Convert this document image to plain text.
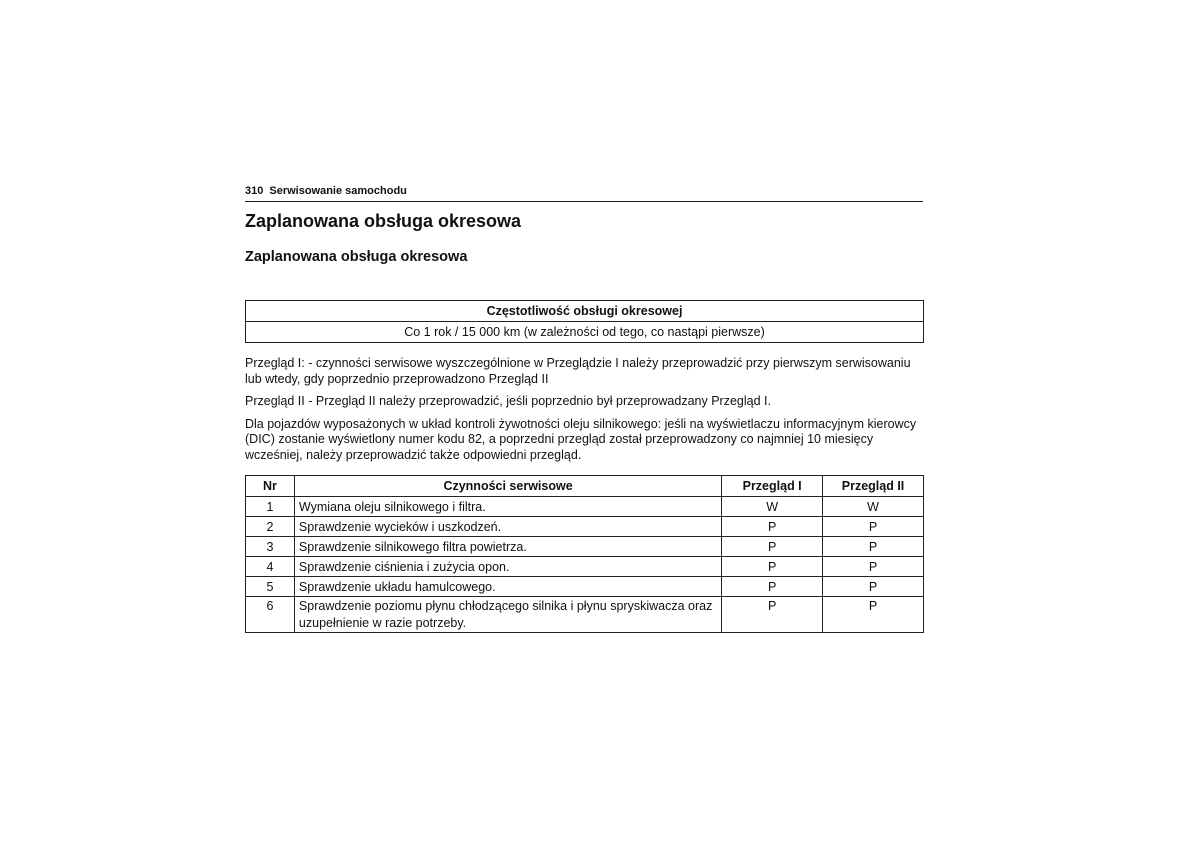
310 Serwisowanie samochodu
Zaplanowana obsługa okresowa
Zaplanowana obsługa okresowa
Częstotliwość obsługi okresowej
Co 1 rok / 15 000 km (w zależności od tego, co nastąpi pierwsze)

Przegląd I: - czynności serwisowe wyszczególnione w Przeglądzie I należy przeprowadzić przy pierwszym serwisowaniu lub wtedy, gdy poprzednio przeprowadzono Przegląd II

Przegląd II - Przegląd II należy przeprowadzić, jeśli poprzednio był przeprowadzany Przegląd I.

Dla pojazdów wyposażonych w układ kontroli żywotności oleju silnikowego: jeśli na wyświetlaczu informacyjnym kierowcy (DIC) zostanie wyświetlony numer kodu 82, a poprzedni przegląd został przeprowadzony co najmniej 10 miesięcy wcześniej, należy przeprowadzić także odpowiedni przegląd.

Nr	Czynności serwisowe	Przegląd I	Przegląd II
1	Wymiana oleju silnikowego i filtra.	W	W
2	Sprawdzenie wycieków i uszkodzeń.	P	P
3	Sprawdzenie silnikowego filtra powietrza.	P	P
4	Sprawdzenie ciśnienia i zużycia opon.	P	P
5	Sprawdzenie układu hamulcowego.	P	P
6	Sprawdzenie poziomu płynu chłodzącego silnika i płynu spryskiwacza oraz uzupełnienie w razie potrzeby.	P	P
